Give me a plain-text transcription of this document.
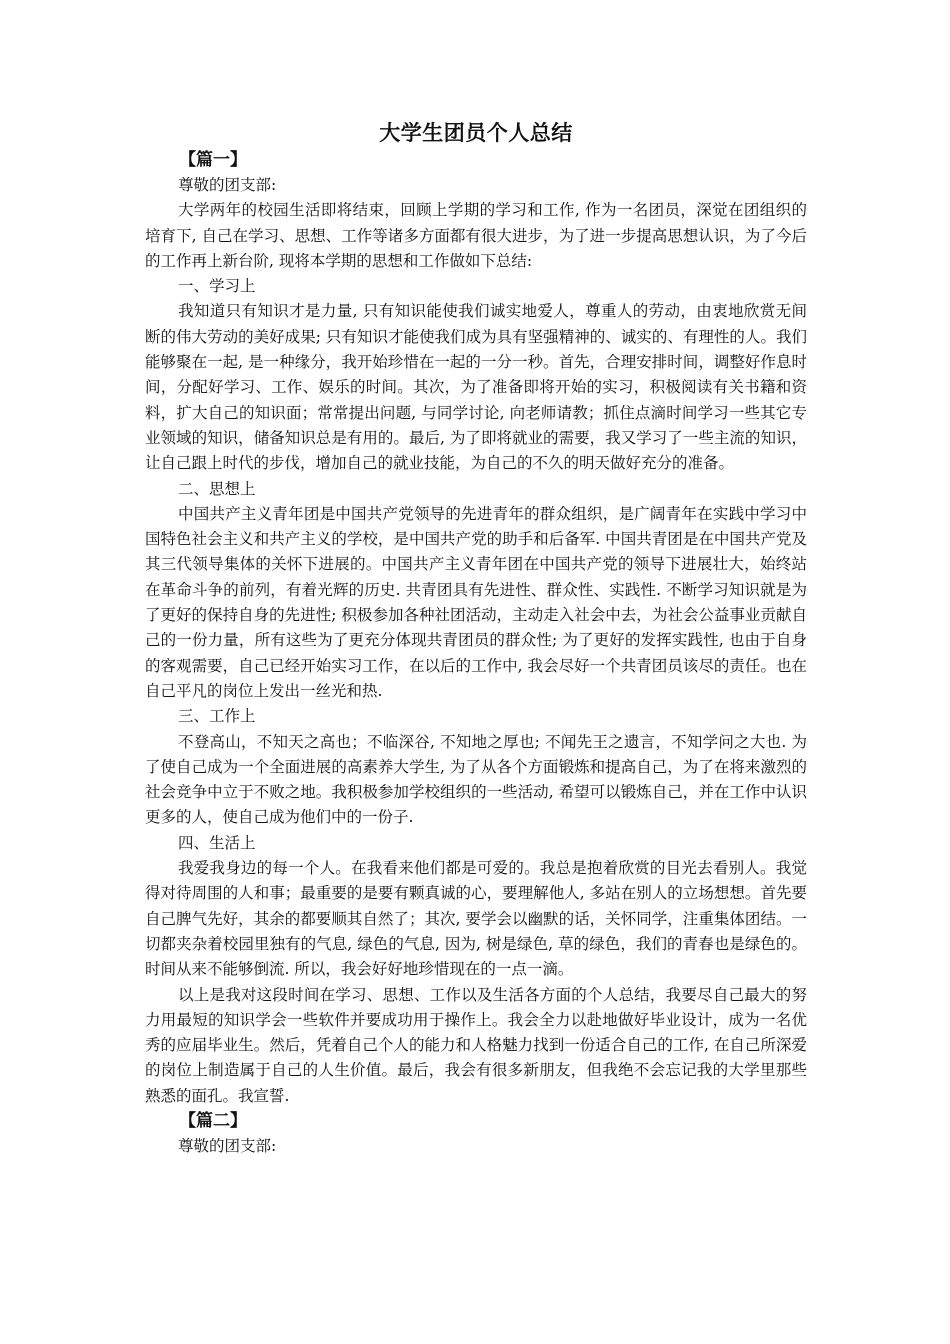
大学生团员个人总结
【篇一】

尊敬的团支部:

大学两年的校园生活即将结束，回顾上学期的学习和工作, 作为一名团员，深觉在团组织的培育下, 自己在学习、思想、工作等诸多方面都有很大进步，为了进一步提高思想认识，为了今后的工作再上新台阶, 现将本学期的思想和工作做如下总结:

一、学习上

我知道只有知识才是力量, 只有知识能使我们诚实地爱人，尊重人的劳动，由衷地欣赏无间断的伟大劳动的美好成果; 只有知识才能使我们成为具有坚强精神的、诚实的、有理性的人。我们能够聚在一起, 是一种缘分，我开始珍惜在一起的一分一秒。首先，合理安排时间，调整好作息时间，分配好学习、工作、娱乐的时间。其次，为了准备即将开始的实习，积极阅读有关书籍和资料，扩大自己的知识面；常常提出问题, 与同学讨论, 向老师请教；抓住点滴时间学习一些其它专业领域的知识，储备知识总是有用的。最后, 为了即将就业的需要，我又学习了一些主流的知识，让自己跟上时代的步伐，增加自己的就业技能，为自己的不久的明天做好充分的准备。

二、思想上

中国共产主义青年团是中国共产党领导的先进青年的群众组织，是广阔青年在实践中学习中国特色社会主义和共产主义的学校，是中国共产党的助手和后备军. 中国共青团是在中国共产党及其三代领导集体的关怀下进展的。中国共产主义青年团在中国共产党的领导下进展壮大，始终站在革命斗争的前列，有着光辉的历史. 共青团具有先进性、群众性、实践性. 不断学习知识就是为了更好的保持自身的先进性; 积极参加各种社团活动，主动走入社会中去，为社会公益事业贡献自己的一份力量，所有这些为了更充分体现共青团员的群众性; 为了更好的发挥实践性, 也由于自身的客观需要，自己已经开始实习工作，在以后的工作中, 我会尽好一个共青团员该尽的责任。也在自己平凡的岗位上发出一丝光和热.

三、工作上

不登高山，不知天之高也；不临深谷, 不知地之厚也; 不闻先王之遗言，不知学问之大也. 为了使自己成为一个全面进展的高素养大学生, 为了从各个方面锻炼和提高自己，为了在将来激烈的社会竞争中立于不败之地。我积极参加学校组织的一些活动, 希望可以锻炼自己，并在工作中认识更多的人，使自己成为他们中的一份子.

四、生活上

我爱我身边的每一个人。在我看来他们都是可爱的。我总是抱着欣赏的目光去看别人。我觉得对待周围的人和事；最重要的是要有颗真诚的心，要理解他人, 多站在别人的立场想想。首先要自己脾气先好，其余的都要顺其自然了；其次, 要学会以幽默的话，关怀同学，注重集体团结。一切都夹杂着校园里独有的气息, 绿色的气息, 因为, 树是绿色, 草的绿色，我们的青春也是绿色的。时间从来不能够倒流. 所以，我会好好地珍惜现在的一点一滴。

以上是我对这段时间在学习、思想、工作以及生活各方面的个人总结，我要尽自己最大的努力用最短的知识学会一些软件并要成功用于操作上。我会全力以赴地做好毕业设计，成为一名优秀的应届毕业生。然后，凭着自己个人的能力和人格魅力找到一份适合自己的工作, 在自己所深爱的岗位上制造属于自己的人生价值。最后，我会有很多新朋友，但我绝不会忘记我的大学里那些熟悉的面孔。我宣誓.

【篇二】

尊敬的团支部:
